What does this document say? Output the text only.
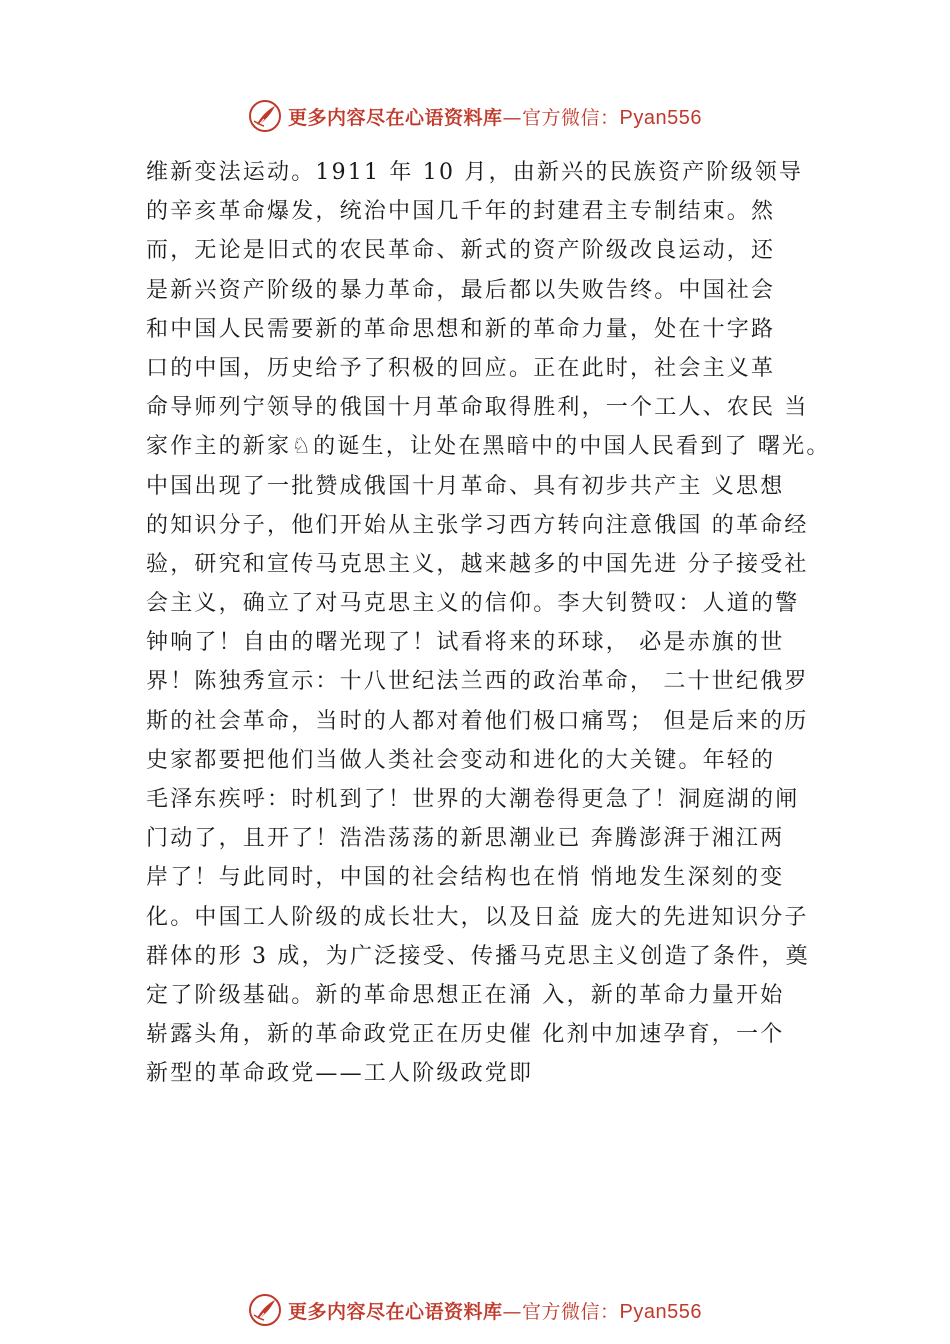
更多内容尽在心语资料库—官方微信：Pyan556
维新变法运动。1911 年 10 月，由新兴的民族资产阶级领导
的辛亥革命爆发，统治中国几千年的封建君主专制结束。然
而，无论是旧式的农民革命、新式的资产阶级改良运动，还
是新兴资产阶级的暴力革命，最后都以失败告终。中国社会
和中国人民需要新的革命思想和新的革命力量，处在十字路
口的中国，历史给予了积极的回应。正在此时，社会主义革
命导师列宁领导的俄国十月革命取得胜利，一个工人、农民 当
家作主的新家♘的诞生，让处在黑暗中的中国人民看到了 曙光。
中国出现了一批赞成俄国十月革命、具有初步共产主 义思想
的知识分子，他们开始从主张学习西方转向注意俄国 的革命经
验，研究和宣传马克思主义，越来越多的中国先进 分子接受社
会主义，确立了对马克思主义的信仰。李大钊赞叹：人道的警
钟响了！自由的曙光现了！试看将来的环球， 必是赤旗的世
界！陈独秀宣示：十八世纪法兰西的政治革命， 二十世纪俄罗
斯的社会革命，当时的人都对着他们极口痛骂； 但是后来的历
史家都要把他们当做人类社会变动和进化的大关键。年轻的
毛泽东疾呼：时机到了！世界的大潮卷得更急了！洞庭湖的闸
门动了，且开了！浩浩荡荡的新思潮业已 奔腾澎湃于湘江两
岸了！与此同时，中国的社会结构也在悄 悄地发生深刻的变
化。中国工人阶级的成长壮大，以及日益 庞大的先进知识分子
群体的形 3 成，为广泛接受、传播马克思主义创造了条件，奠
定了阶级基础。新的革命思想正在涌 入，新的革命力量开始
崭露头角，新的革命政党正在历史催 化剂中加速孕育，一个
新型的革命政党——工人阶级政党即
更多内容尽在心语资料库—官方微信：Pyan556
